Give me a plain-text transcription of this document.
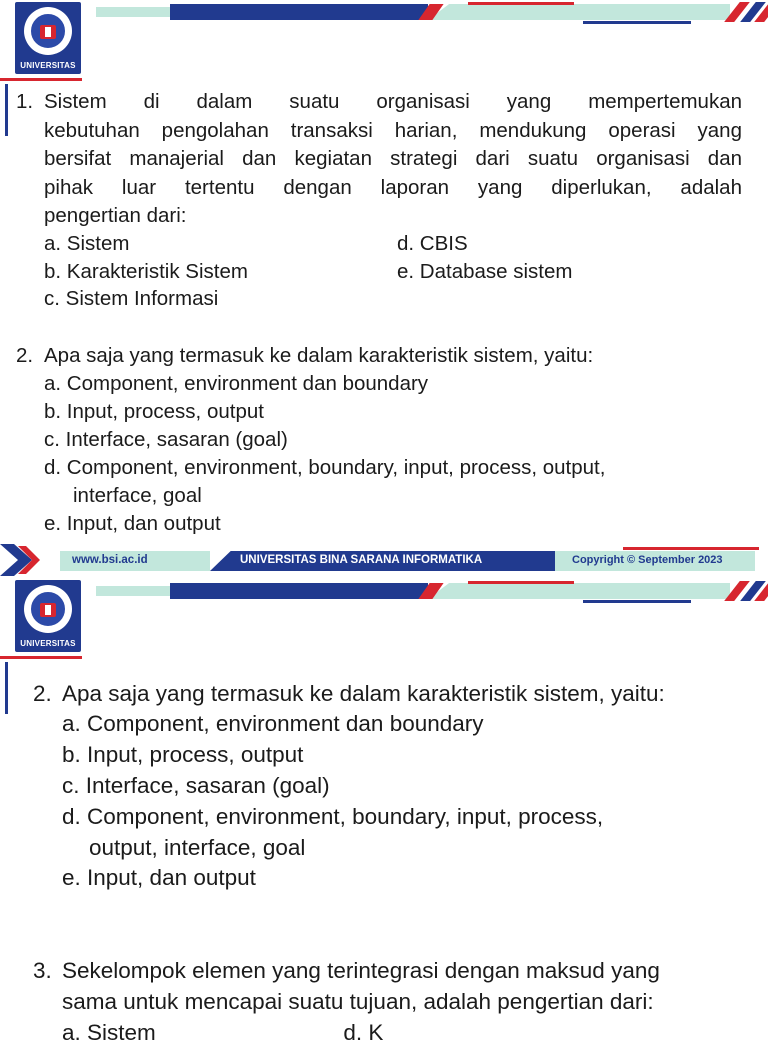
UNIVERSITAS
1. Sistem di dalam suatu organisasi yang mempertemukan
kebutuhan pengolahan transaksi harian, mendukung operasi yang
bersifat manajerial dan kegiatan strategi dari suatu organisasi dan
pihak luar tertentu dengan laporan yang diperlukan, adalah
pengertian dari:
a. Sistem
b. Karakteristik Sistem
c. Sistem Informasi
d. CBIS
e. Database sistem
2. Apa saja yang termasuk ke dalam karakteristik sistem, yaitu:
a. Component, environment dan boundary
b. Input, process, output
c. Interface, sasaran (goal)
d. Component, environment, boundary, input, process, output,
interface, goal
e. Input, dan output
www.bsi.ac.id	UNIVERSITAS BINA SARANA INFORMATIKA	Copyright © September 2023
UNIVERSITAS
2. Apa saja yang termasuk ke dalam karakteristik sistem, yaitu:
a. Component, environment dan boundary
b. Input, process, output
c. Interface, sasaran (goal)
d. Component, environment, boundary, input, process,
output, interface, goal
e. Input, dan output
3. Sekelompok elemen yang terintegrasi dengan maksud yang
sama untuk mencapai suatu tujuan, adalah pengertian dari:
a. Sistem                              d. K
